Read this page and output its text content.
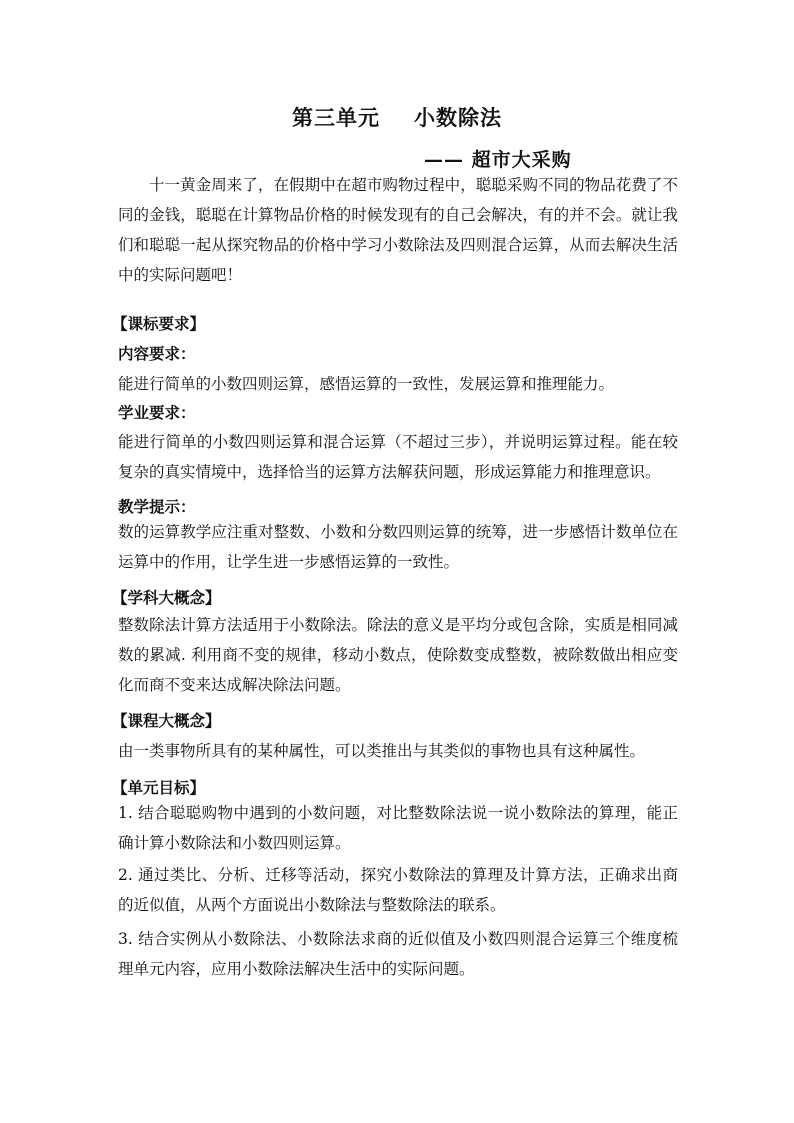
第三单元 小数除法
—— 超市大采购
十一黄金周来了，在假期中在超市购物过程中，聪聪采购不同的物品花费了不同的金钱，聪聪在计算物品价格的时候发现有的自己会解决，有的并不会。就让我们和聪聪一起从探究物品的价格中学习小数除法及四则混合运算，从而去解决生活中的实际问题吧！
【课标要求】
内容要求：
能进行简单的小数四则运算，感悟运算的一致性，发展运算和推理能力。
学业要求：
能进行简单的小数四则运算和混合运算（不超过三步），并说明运算过程。能在较复杂的真实情境中，选择恰当的运算方法解获问题，形成运算能力和推理意识。
教学提示：
数的运算教学应注重对整数、小数和分数四则运算的统筹，进一步感悟计数单位在运算中的作用，让学生进一步感悟运算的一致性。
【学科大概念】
整数除法计算方法适用于小数除法。除法的意义是平均分或包含除，实质是相同减数的累减. 利用商不变的规律，移动小数点，使除数变成整数，被除数做出相应变化而商不变来达成解决除法问题。
【课程大概念】
由一类事物所具有的某种属性，可以类推出与其类似的事物也具有这种属性。
【单元目标】
1. 结合聪聪购物中遇到的小数问题，对比整数除法说一说小数除法的算理，能正确计算小数除法和小数四则运算。
2. 通过类比、分析、迁移等活动，探究小数除法的算理及计算方法，正确求出商的近似值，从两个方面说出小数除法与整数除法的联系。
3. 结合实例从小数除法、小数除法求商的近似值及小数四则混合运算三个维度梳理单元内容，应用小数除法解决生活中的实际问题。
